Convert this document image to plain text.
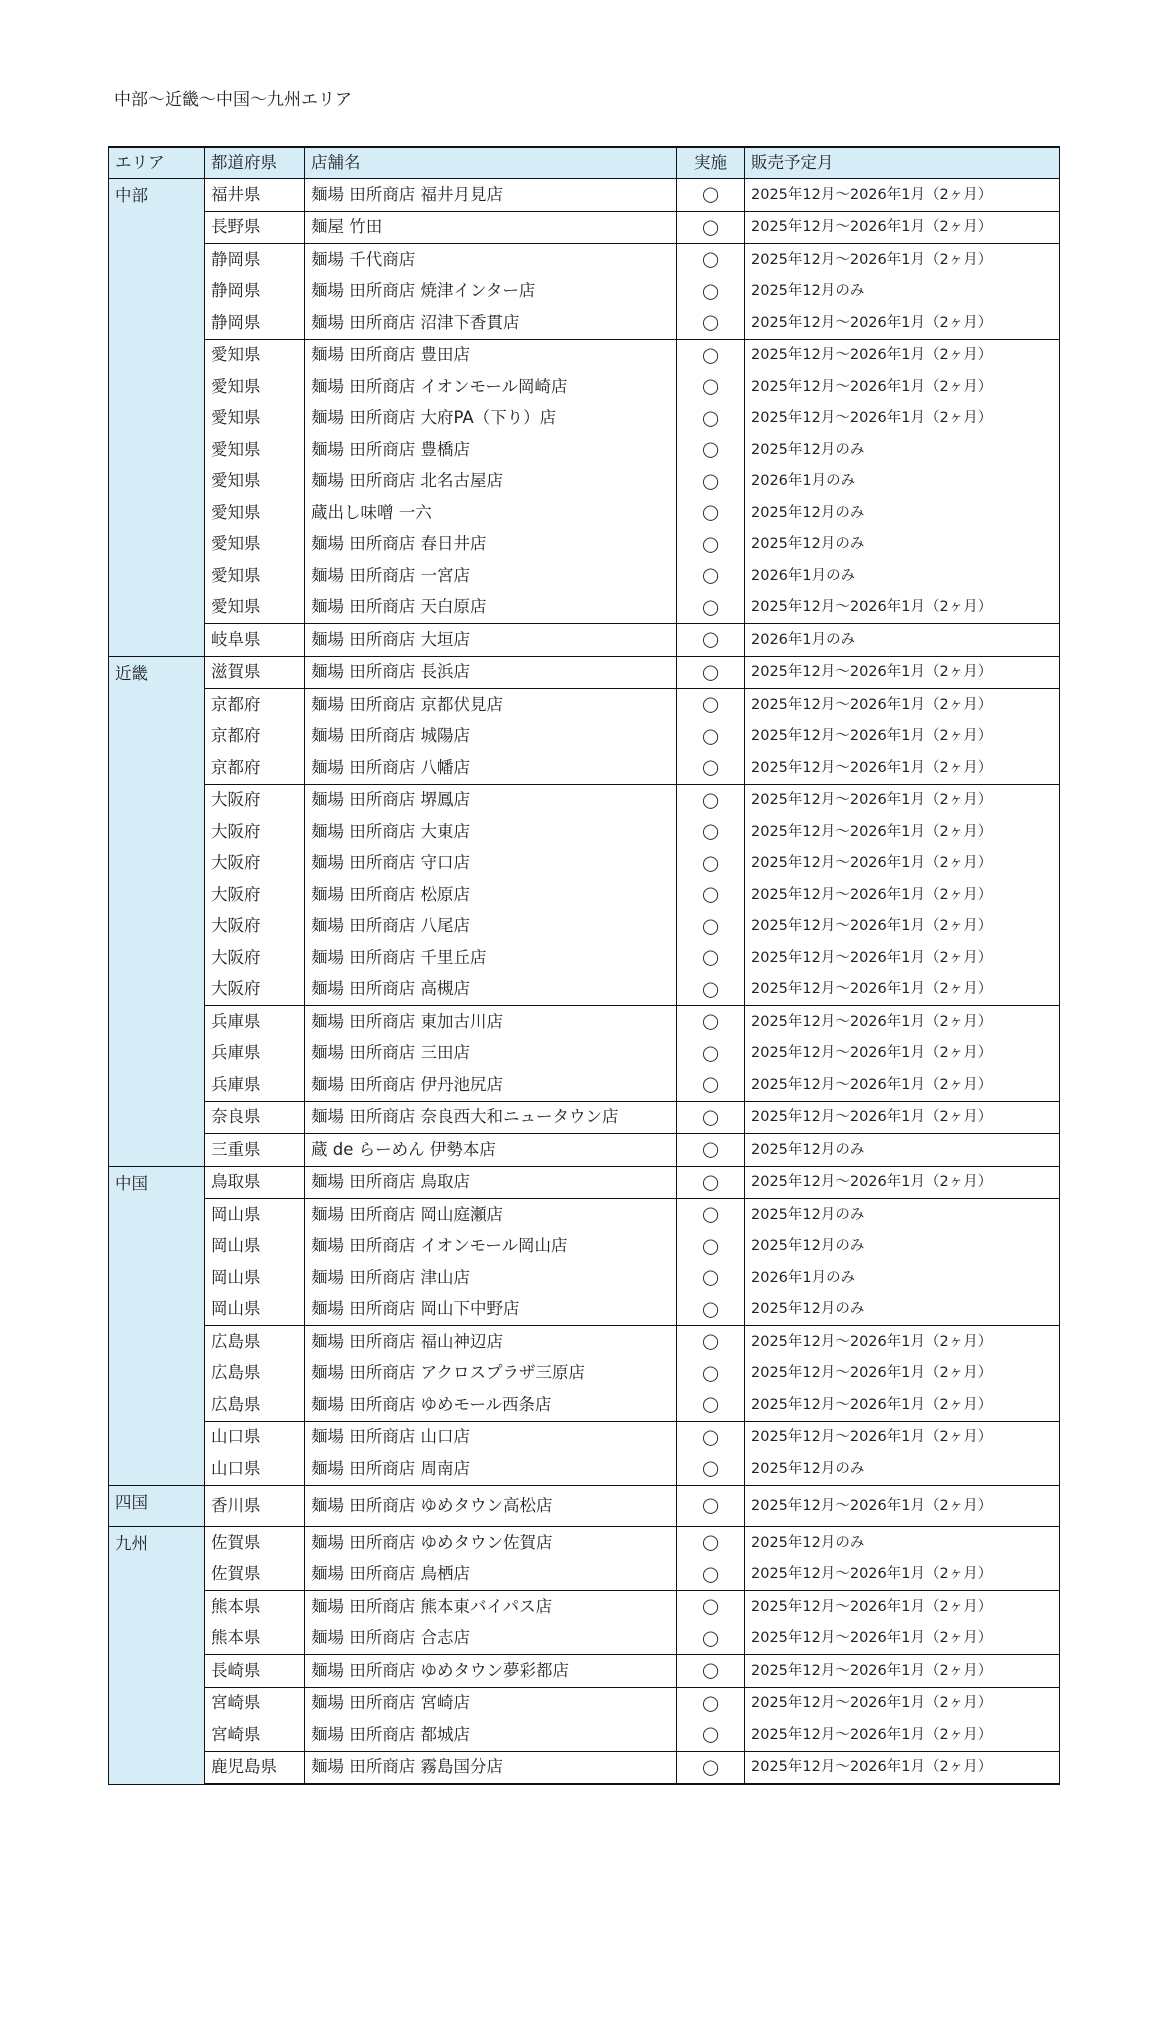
中部〜近畿〜中国〜九州エリア
エリア	都道府県	店舗名	実施	販売予定月
中部	福井県	麺場 田所商店 福井月見店	◯	2025年12月〜2026年1月（2ヶ月）
	長野県	麺屋 竹田	◯	2025年12月〜2026年1月（2ヶ月）
	静岡県	麺場 千代商店	◯	2025年12月〜2026年1月（2ヶ月）
	静岡県	麺場 田所商店 焼津インター店	◯	2025年12月のみ
	静岡県	麺場 田所商店 沼津下香貫店	◯	2025年12月〜2026年1月（2ヶ月）
	愛知県	麺場 田所商店 豊田店	◯	2025年12月〜2026年1月（2ヶ月）
	愛知県	麺場 田所商店 イオンモール岡崎店	◯	2025年12月〜2026年1月（2ヶ月）
	愛知県	麺場 田所商店 大府PA（下り）店	◯	2025年12月〜2026年1月（2ヶ月）
	愛知県	麺場 田所商店 豊橋店	◯	2025年12月のみ
	愛知県	麺場 田所商店 北名古屋店	◯	2026年1月のみ
	愛知県	蔵出し味噌 一六	◯	2025年12月のみ
	愛知県	麺場 田所商店 春日井店	◯	2025年12月のみ
	愛知県	麺場 田所商店 一宮店	◯	2026年1月のみ
	愛知県	麺場 田所商店 天白原店	◯	2025年12月〜2026年1月（2ヶ月）
	岐阜県	麺場 田所商店 大垣店	◯	2026年1月のみ
近畿	滋賀県	麺場 田所商店 長浜店	◯	2025年12月〜2026年1月（2ヶ月）
	京都府	麺場 田所商店 京都伏見店	◯	2025年12月〜2026年1月（2ヶ月）
	京都府	麺場 田所商店 城陽店	◯	2025年12月〜2026年1月（2ヶ月）
	京都府	麺場 田所商店 八幡店	◯	2025年12月〜2026年1月（2ヶ月）
	大阪府	麺場 田所商店 堺鳳店	◯	2025年12月〜2026年1月（2ヶ月）
	大阪府	麺場 田所商店 大東店	◯	2025年12月〜2026年1月（2ヶ月）
	大阪府	麺場 田所商店 守口店	◯	2025年12月〜2026年1月（2ヶ月）
	大阪府	麺場 田所商店 松原店	◯	2025年12月〜2026年1月（2ヶ月）
	大阪府	麺場 田所商店 八尾店	◯	2025年12月〜2026年1月（2ヶ月）
	大阪府	麺場 田所商店 千里丘店	◯	2025年12月〜2026年1月（2ヶ月）
	大阪府	麺場 田所商店 高槻店	◯	2025年12月〜2026年1月（2ヶ月）
	兵庫県	麺場 田所商店 東加古川店	◯	2025年12月〜2026年1月（2ヶ月）
	兵庫県	麺場 田所商店 三田店	◯	2025年12月〜2026年1月（2ヶ月）
	兵庫県	麺場 田所商店 伊丹池尻店	◯	2025年12月〜2026年1月（2ヶ月）
	奈良県	麺場 田所商店 奈良西大和ニュータウン店	◯	2025年12月〜2026年1月（2ヶ月）
	三重県	蔵 de らーめん 伊勢本店	◯	2025年12月のみ
中国	鳥取県	麺場 田所商店 鳥取店	◯	2025年12月〜2026年1月（2ヶ月）
	岡山県	麺場 田所商店 岡山庭瀬店	◯	2025年12月のみ
	岡山県	麺場 田所商店 イオンモール岡山店	◯	2025年12月のみ
	岡山県	麺場 田所商店 津山店	◯	2026年1月のみ
	岡山県	麺場 田所商店 岡山下中野店	◯	2025年12月のみ
	広島県	麺場 田所商店 福山神辺店	◯	2025年12月〜2026年1月（2ヶ月）
	広島県	麺場 田所商店 アクロスプラザ三原店	◯	2025年12月〜2026年1月（2ヶ月）
	広島県	麺場 田所商店 ゆめモール西条店	◯	2025年12月〜2026年1月（2ヶ月）
	山口県	麺場 田所商店 山口店	◯	2025年12月〜2026年1月（2ヶ月）
	山口県	麺場 田所商店 周南店	◯	2025年12月のみ
四国	香川県	麺場 田所商店 ゆめタウン高松店	◯	2025年12月〜2026年1月（2ヶ月）
九州	佐賀県	麺場 田所商店 ゆめタウン佐賀店	◯	2025年12月のみ
	佐賀県	麺場 田所商店 鳥栖店	◯	2025年12月〜2026年1月（2ヶ月）
	熊本県	麺場 田所商店 熊本東バイパス店	◯	2025年12月〜2026年1月（2ヶ月）
	熊本県	麺場 田所商店 合志店	◯	2025年12月〜2026年1月（2ヶ月）
	長崎県	麺場 田所商店 ゆめタウン夢彩都店	◯	2025年12月〜2026年1月（2ヶ月）
	宮崎県	麺場 田所商店 宮崎店	◯	2025年12月〜2026年1月（2ヶ月）
	宮崎県	麺場 田所商店 都城店	◯	2025年12月〜2026年1月（2ヶ月）
	鹿児島県	麺場 田所商店 霧島国分店	◯	2025年12月〜2026年1月（2ヶ月）
